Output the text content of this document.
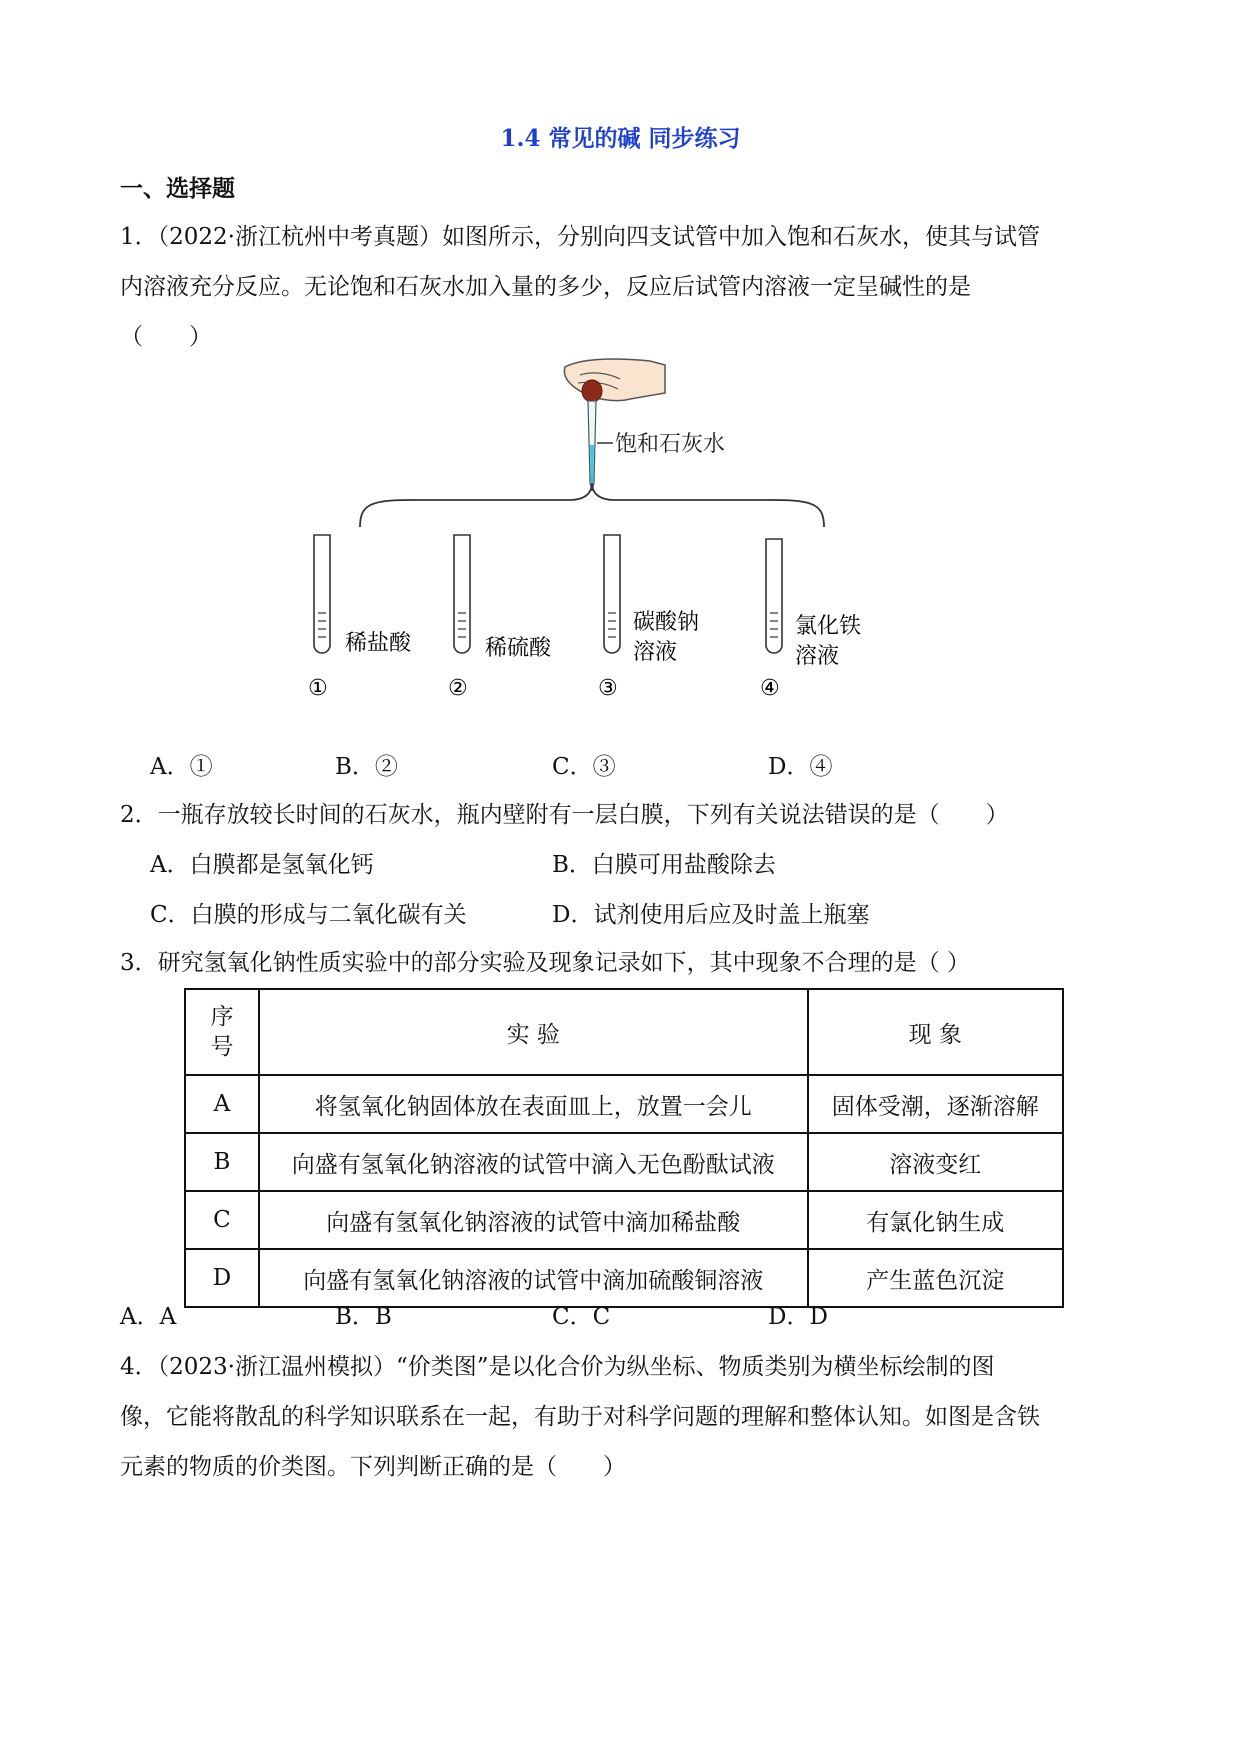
1.4 常见的碱 同步练习
一、选择题
1．（2022·浙江杭州中考真题）如图所示，分别向四支试管中加入饱和石灰水，使其与试管
内溶液充分反应。无论饱和石灰水加入量的多少，反应后试管内溶液一定呈碱性的是
（　　）
饱和石灰水
稀盐酸	稀硫酸
碳酸钠
溶液
氯化铁
溶液
①	②	③	④
A．①	B．②	C．③	D．④
2．一瓶存放较长时间的石灰水，瓶内壁附有一层白膜，下列有关说法错误的是（　　）
A．白膜都是氢氧化钙	B．白膜可用盐酸除去
C．白膜的形成与二氧化碳有关	D．试剂使用后应及时盖上瓶塞
3．研究氢氧化钠性质实验中的部分实验及现象记录如下，其中现象不合理的是（ ）
序号	实 验	现 象
A	将氢氧化钠固体放在表面皿上，放置一会儿	固体受潮，逐渐溶解
B	向盛有氢氧化钠溶液的试管中滴入无色酚酞试液	溶液变红
C	向盛有氢氧化钠溶液的试管中滴加稀盐酸	有氯化钠生成
D	向盛有氢氧化钠溶液的试管中滴加硫酸铜溶液	产生蓝色沉淀
A．A	B．B	C．C	D．D
4．（2023·浙江温州模拟）“价类图”是以化合价为纵坐标、物质类别为横坐标绘制的图
像，它能将散乱的科学知识联系在一起，有助于对科学问题的理解和整体认知。如图是含铁
元素的物质的价类图。下列判断正确的是（　　）
